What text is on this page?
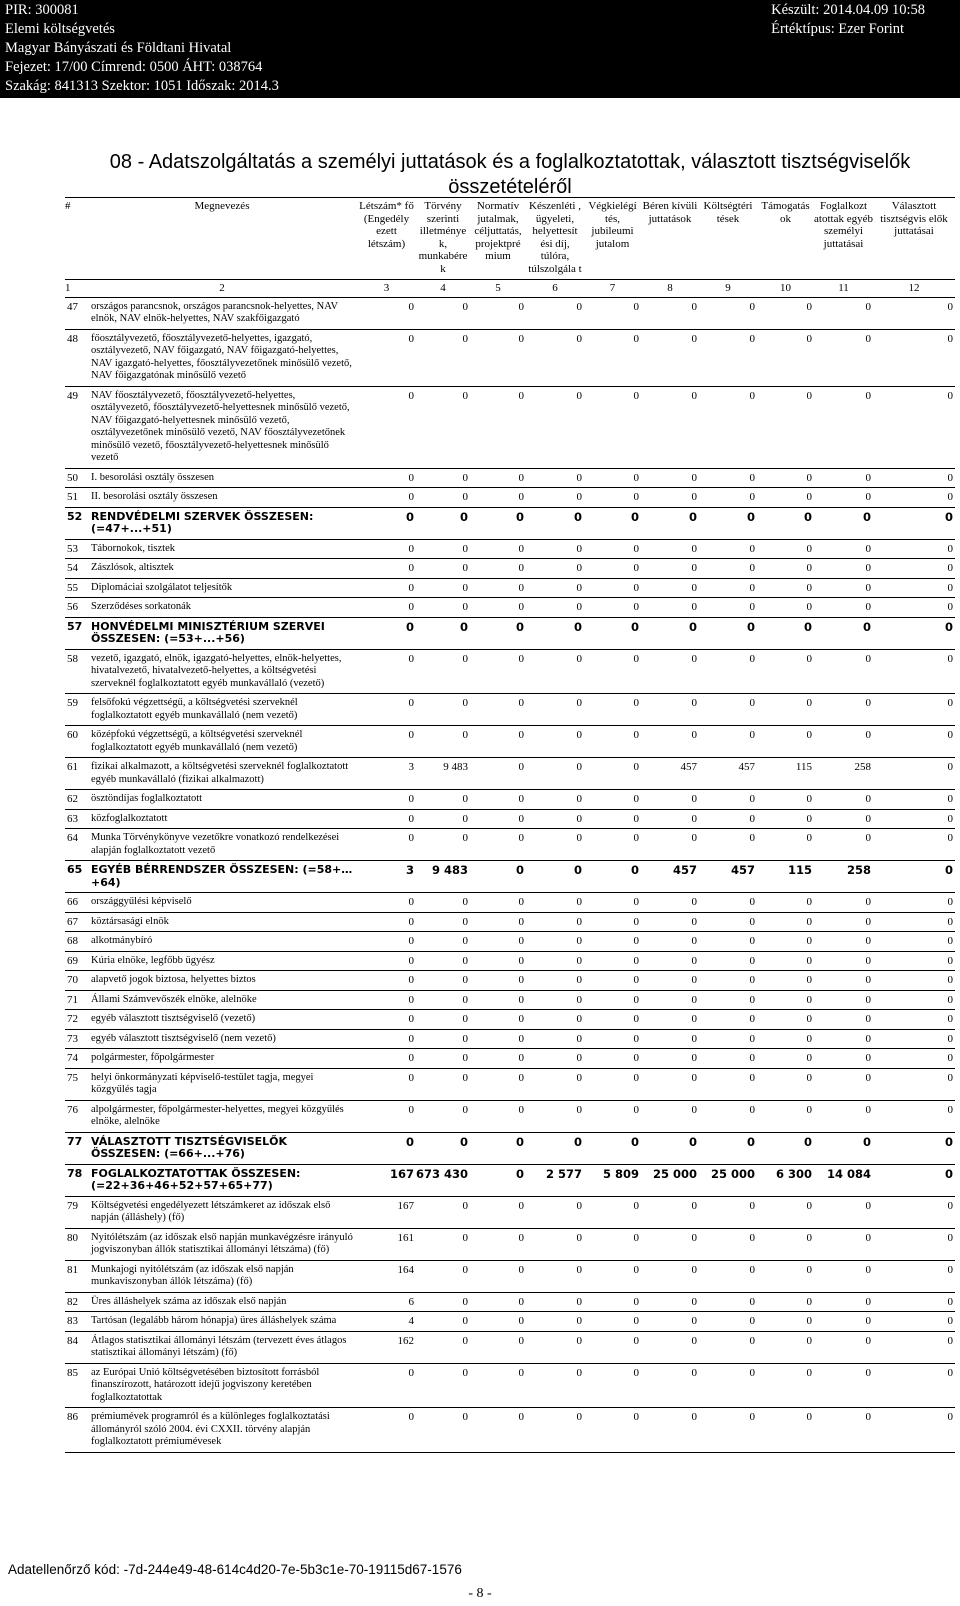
PIR: 300081
Elemi költségvetés
Magyar Bányászati és Földtani Hivatal
Fejezet: 17/00 Címrend: 0500 ÁHT: 038764
Szakág: 841313 Szektor: 1051 Időszak: 2014.3
Készült: 2014.04.09 10:58
Értéktípus: Ezer Forint
08 - Adatszolgáltatás a személyi juttatások és a foglalkoztatottak, választott tisztségviselők összetételéről
#	Megnevezés	Létszám* fő (Engedély ezett létszám)	Törvény szerinti illetménye k, munkabére k	Normatív jutalmak, céljuttatás, projektpré mium	Készenléti , ügyeleti, helyettesít ési díj, túlóra, túlszolgála t	Végkielégí tés, jubileumi jutalom	Béren kívüli juttatások	Költségtéri tések	Támogatás ok	Foglalkozt atottak egyéb személyi juttatásai	Választott tisztségvis elők juttatásai
1	2	3	4	5	6	7	8	9	10	11	12
47	országos parancsnok, országos parancsnok-helyettes, NAV elnök, NAV elnök-helyettes, NAV szakfőigazgató	0	0	0	0	0	0	0	0	0	0
48	főosztályvezető, főosztályvezető-helyettes, igazgató, osztályvezető, NAV főigazgató, NAV főigazgató-helyettes, NAV igazgató-helyettes, főosztályvezetőnek minősülő vezető, NAV főigazgatónak minősülő vezető	0	0	0	0	0	0	0	0	0	0
49	NAV főosztályvezető, főosztályvezető-helyettes, osztályvezető, főosztályvezető-helyettesnek minősülő vezető, NAV főigazgató-helyettesnek minősülő vezető, osztályvezetőnek minősülő vezető, NAV főosztályvezetőnek minősülő vezető, főosztályvezető-helyettesnek minősülő vezető	0	0	0	0	0	0	0	0	0	0
50	I. besorolási osztály összesen	0	0	0	0	0	0	0	0	0	0
51	II. besorolási osztály összesen	0	0	0	0	0	0	0	0	0	0
52	RENDVÉDELMI SZERVEK ÖSSZESEN: (=47+...+51)	0	0	0	0	0	0	0	0	0	0
53	Tábornokok, tisztek	0	0	0	0	0	0	0	0	0	0
54	Zászlósok, altisztek	0	0	0	0	0	0	0	0	0	0
55	Diplomáciai szolgálatot teljesítők	0	0	0	0	0	0	0	0	0	0
56	Szerződéses sorkatonák	0	0	0	0	0	0	0	0	0	0
57	HONVÉDELMI MINISZTÉRIUM SZERVEI ÖSSZESEN: (=53+...+56)	0	0	0	0	0	0	0	0	0	0
58	vezető, igazgató, elnök, igazgató-helyettes, elnök-helyettes, hivatalvezető, hivatalvezető-helyettes, a költségvetési szerveknél foglalkoztatott egyéb munkavállaló (vezető)	0	0	0	0	0	0	0	0	0	0
59	felsőfokú végzettségű, a költségvetési szerveknél foglalkoztatott egyéb munkavállaló (nem vezető)	0	0	0	0	0	0	0	0	0	0
60	középfokú végzettségű, a költségvetési szerveknél foglalkoztatott egyéb munkavállaló (nem vezető)	0	0	0	0	0	0	0	0	0	0
61	fizikai alkalmazott, a költségvetési szerveknél foglalkoztatott egyéb munkavállaló (fizikai alkalmazott)	3	9 483	0	0	0	457	457	115	258	0
62	ösztöndíjas foglalkoztatott	0	0	0	0	0	0	0	0	0	0
63	közfoglalkoztatott	0	0	0	0	0	0	0	0	0	0
64	Munka Törvénykönyve vezetőkre vonatkozó rendelkezései alapján foglalkoztatott vezető	0	0	0	0	0	0	0	0	0	0
65	EGYÉB BÉRRENDSZER ÖSSZESEN: (=58+…+64)	3	9 483	0	0	0	457	457	115	258	0
66	országgyűlési képviselő	0	0	0	0	0	0	0	0	0	0
67	köztársasági elnök	0	0	0	0	0	0	0	0	0	0
68	alkotmánybíró	0	0	0	0	0	0	0	0	0	0
69	Kúria elnöke, legfőbb ügyész	0	0	0	0	0	0	0	0	0	0
70	alapvető jogok biztosa, helyettes biztos	0	0	0	0	0	0	0	0	0	0
71	Állami Számvevőszék elnöke, alelnöke	0	0	0	0	0	0	0	0	0	0
72	egyéb választott tisztségviselő (vezető)	0	0	0	0	0	0	0	0	0	0
73	egyéb választott tisztségviselő (nem vezető)	0	0	0	0	0	0	0	0	0	0
74	polgármester, főpolgármester	0	0	0	0	0	0	0	0	0	0
75	helyi önkormányzati képviselő-testület tagja, megyei közgyűlés tagja	0	0	0	0	0	0	0	0	0	0
76	alpolgármester, főpolgármester-helyettes, megyei közgyűlés elnöke, alelnöke	0	0	0	0	0	0	0	0	0	0
77	VÁLASZTOTT TISZTSÉGVISELŐK ÖSSZESEN: (=66+...+76)	0	0	0	0	0	0	0	0	0	0
78	FOGLALKOZTATOTTAK ÖSSZESEN: (=22+36+46+52+57+65+77)	167	673 430	0	2 577	5 809	25 000	25 000	6 300	14 084	0
79	Költségvetési engedélyezett létszámkeret az időszak első napján (álláshely) (fő)	167	0	0	0	0	0	0	0	0	0
80	Nyitólétszám (az időszak első napján munkavégzésre irányuló jogviszonyban állók statisztikai állományi létszáma) (fő)	161	0	0	0	0	0	0	0	0	0
81	Munkajogi nyitólétszám (az időszak első napján munkaviszonyban állók létszáma) (fő)	164	0	0	0	0	0	0	0	0	0
82	Üres álláshelyek száma az időszak első napján	6	0	0	0	0	0	0	0	0	0
83	Tartósan (legalább három hónapja) üres álláshelyek száma	4	0	0	0	0	0	0	0	0	0
84	Átlagos statisztikai állományi létszám (tervezett éves átlagos statisztikai állományi létszám) (fő)	162	0	0	0	0	0	0	0	0	0
85	az Európai Unió költségvetésében biztosított forrásból finanszírozott, határozott idejű jogviszony keretében foglalkoztatottak	0	0	0	0	0	0	0	0	0	0
86	prémiumévek programról és a különleges foglalkoztatási állományról szóló 2004. évi CXXII. törvény alapján foglalkoztatott prémiumévesek	0	0	0	0	0	0	0	0	0	0
Adatellenőrző kód: -7d-244e49-48-614c4d20-7e-5b3c1e-70-19115d67-1576
- 8 -
